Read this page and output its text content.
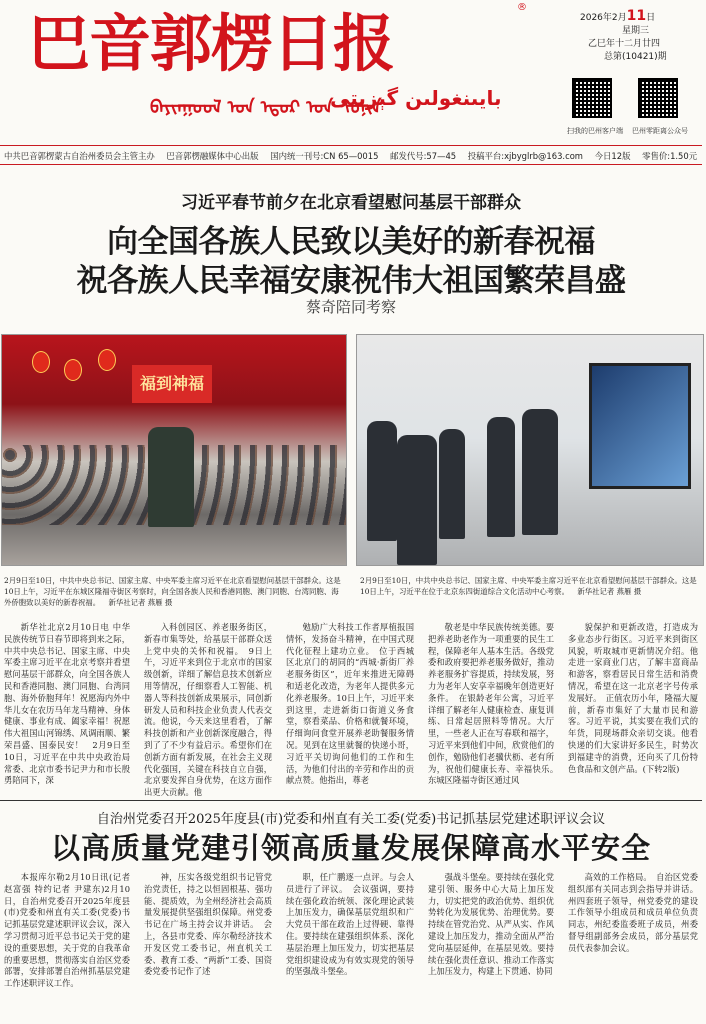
巴音郭楞日报	®
ᠪᠠᠶᠢᠨᠭᠣᠤᠯ ᠤᠨ ᠡᠳᠦᠷ ᠤᠨ ᠰᠣᠨᠢᠨ
بايىنغولىن گېزىتى
2026年2月11日
星期三
乙巳年十二月廿四
总第(10421)期
扫我的巴州客户端 巴州零距离公众号
中共巴音郭楞蒙古自治州委员会主管主办 巴音郭楞融媒体中心出版 国内统一刊号:CN 65—0015 邮发代号:57—45 投稿平台:xjbyglrb@163.com 今日12版 零售价:1.50元
习近平春节前夕在北京看望慰问基层干部群众
向全国各族人民致以美好的新春祝福
祝各族人民幸福安康祝伟大祖国繁荣昌盛
蔡奇陪同考察
福到神福
2月9日至10日，中共中央总书记、国家主席、中央军委主席习近平在北京看望慰问基层干部群众。这是10日上午，习近平在东城区隆福寺街区考察时，向全国各族人民和香港同胞、澳门同胞、台湾同胞、海外侨胞致以美好的新春祝福。 新华社记者 燕雁 摄
2月9日至10日，中共中央总书记、国家主席、中央军委主席习近平在北京看望慰问基层干部群众。这是10日上午，习近平在位于北京东四街道综合文化活动中心考察。 新华社记者 燕雁 摄

新华社北京2月10日电 中华民族传统节日春节即将到来之际，中共中央总书记、国家主席、中央军委主席习近平在北京考察并看望慰问基层干部群众，向全国各族人民和香港同胞、澳门同胞、台湾同胞、海外侨胞拜年！祝愿海内外中华儿女在农历马年龙马精神、身体健康、事业有成、阖家幸福！祝愿伟大祖国山河锦绣、风调雨顺、繁荣昌盛、国泰民安！　2月9日至10日，习近平在中共中央政治局常委、北京市委书记尹力和市长殷勇陪同下，深

入科创园区、养老服务街区，新春市集等处，给基层干部群众送上党中央的关怀和祝福。　9日上午，习近平来到位于北京市的国家级创新，详细了解信息技术创新应用等情况，仔细察看人工智能、机器人等科技创新成果展示，同创新研发人员和科技企业负责人代表交流。他说，今天来这里看看，了解科技创新和产业创新深度融合，得到了了不少有益启示。希望你们在创新方面有新发展，在社会主义现代化强国，关键在科技自立自强，北京要发挥自身优势，在这方面作出更大贡献。他

勉励广大科技工作者厚植报国情怀，发扬奋斗精神，在中国式现代化征程上建功立业。　位于西城区北京门的胡同的“西城·新街厂养老服务街区”，近年来推进无障碍和适老化改造，为老年人提供多元化养老服务。10日上午，习近平来到这里，走进新街口街道义务食堂，察看菜品、价格和就餐环境，仔细询问食堂开展养老助餐服务情况。见到在这里就餐的快递小哥，习近平关切询问他们的工作和生活，为他们付出的辛劳和作出的贡献点赞。他指出，尊老

敬老是中华民族传统美德。要把养老助老作为一项重要的民生工程，保障老年人基本生活。各级党委和政府要把养老服务做好，推动养老服务扩容提质，持续发展，努力为老年人安享幸福晚年创造更好条件。　在银龄老年公寓，习近平详细了解老年人健康检查、康复训练、日常起居照料等情况。大厅里，一些老人正在写春联和福字，习近平来到他们中间，欣赏他们的创作，勉励他们老骥伏枥、老有所为，祝他们健康长寿、幸福快乐。　东城区隆福寺街区通过风

貌保护和更新改造，打造成为多业态步行街区。习近平来到街区风貌，听取城市更新情况介绍。他走进一家商业门店，了解丰富商品和游客，察看居民日常生活和消费情况，希望在这一北京老字号传承发展好。　正值农历小年，隆福大厦前，新春市集好了大量市民和游客。习近平说，其实要在我们式的年货，同现场群众亲切交谈。他看快递的们大家讲好多民生，时势次到福建寺的消费，还向买了几份特色食品和文创产品。(下转2版)

自治州党委召开2025年度县(市)党委和州直有关工委(党委)书记抓基层党建述职评议会议
以高质量党建引领高质量发展保障高水平安全

本报库尔勒2月10日讯(记者 赵富强 特约记者 尹建东)2月10日，自治州党委召开2025年度县(市)党委和州直有关工委(党委)书记抓基层党建述职评议会议，深入学习贯彻习近平总书记关于党的建设的重要思想，关于党的自我革命的重要思想，贯彻落实自治区党委部署，安排部署自治州抓基层党建工作述职评议工作。

神，压实各级党组织书记管党治党责任，持之以恒固根基、强功能、提质效，为全州经济社会高质量发展提供坚强组织保障。州党委书记在广场主持会议并讲话。　会上，各县市党委、库尔勒经济技术开发区党工委书记，州直机关工委、教育工委、“两新”工委、国资委党委书记作了述

职，任广鹏逐一点评。与会人员进行了评议。　会议强调，要持续在强化政治统领、深化理论武装上加压发力，确保基层党组织和广大党员干部在政治上过得硬、靠得住。要持续在建强组织体系、深化基层治理上加压发力，切实把基层党组织建设成为有效实现党的领导的坚强战斗堡垒。

强战斗堡垒。要持续在强化党建引领、服务中心大局上加压发力，切实把党的政治优势、组织优势转化为发展优势、治理优势。要持续在管党治党、从严从实、作风建设上加压发力，推动全面从严治党向基层延伸，在基层见效。要持续在强化责任意识、推动工作落实上加压发力，构建上下贯通、协同

高效的工作格局。　自治区党委组织部有关同志到会指导并讲话。州四套班子领导，州党委党的建设工作领导小组成员和成员单位负责同志，州纪委监委班子成员，州委督导组副部务会成员，部分基层党员代表参加会议。
